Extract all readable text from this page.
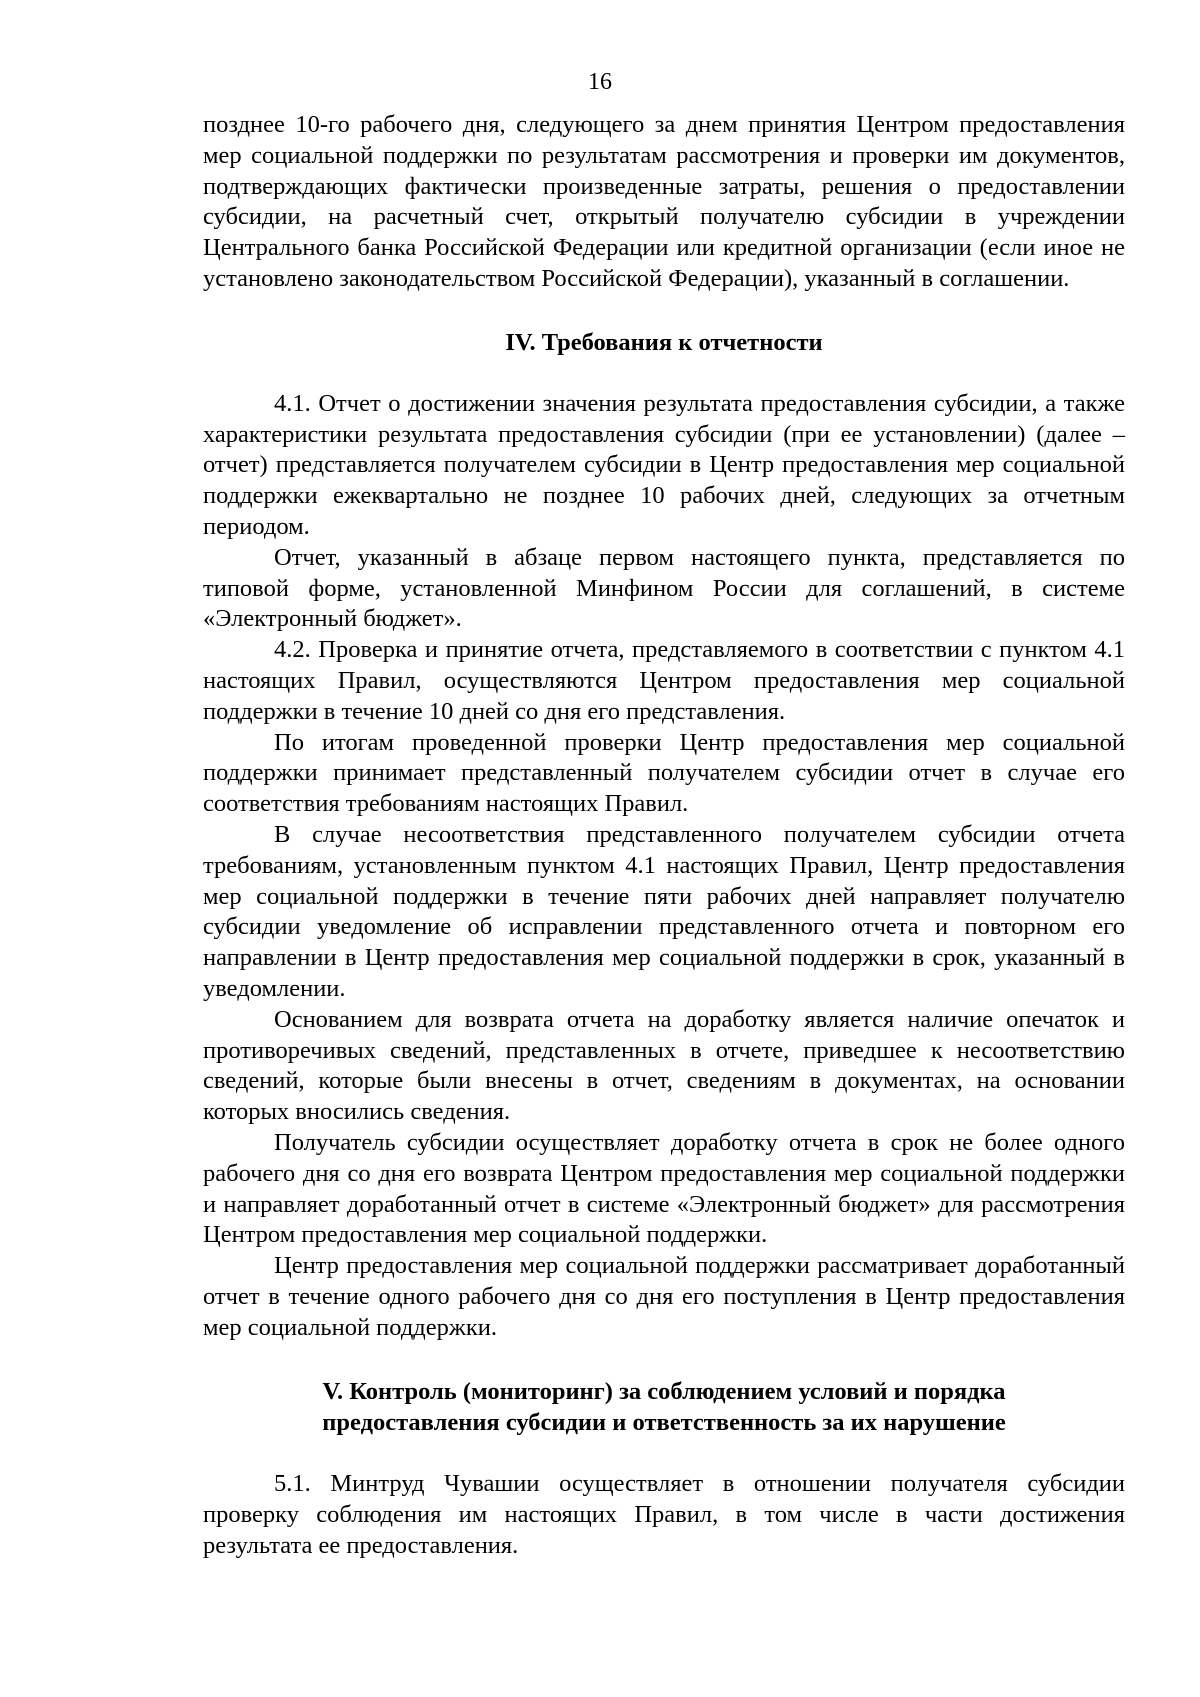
16

позднее 10-го рабочего дня, следующего за днем принятия Центром предоставления мер социальной поддержки по результатам рассмотрения и проверки им документов, подтверждающих фактически произведенные затраты, решения о предоставлении субсидии, на расчетный счет, открытый получателю субсидии в учреждении Центрального банка Российской Федерации или кредитной организации (если иное не установлено законодательством Российской Федерации), указанный в соглашении.

IV. Требования к отчетности

4.1. Отчет о достижении значения результата предоставления субсидии, а также характеристики результата предоставления субсидии (при ее установлении) (далее – отчет) представляется получателем субсидии в Центр предоставления мер социальной поддержки ежеквартально не позднее 10 рабочих дней, следующих за отчетным периодом.

Отчет, указанный в абзаце первом настоящего пункта, представляется по типовой форме, установленной Минфином России для соглашений, в системе «Электронный бюджет».

4.2. Проверка и принятие отчета, представляемого в соответствии с пунктом 4.1 настоящих Правил, осуществляются Центром предоставления мер социальной поддержки в течение 10 дней со дня его представления.

По итогам проведенной проверки Центр предоставления мер социальной поддержки принимает представленный получателем субсидии отчет в случае его соответствия требованиям настоящих Правил.

В случае несоответствия представленного получателем субсидии отчета требованиям, установленным пунктом 4.1 настоящих Правил, Центр предоставления мер социальной поддержки в течение пяти рабочих дней направляет получателю субсидии уведомление об исправлении представленного отчета и повторном его направлении в Центр предоставления мер социальной поддержки в срок, указанный в уведомлении.

Основанием для возврата отчета на доработку является наличие опечаток и противоречивых сведений, представленных в отчете, приведшее к несоответствию сведений, которые были внесены в отчет, сведениям в документах, на основании которых вносились сведения.

Получатель субсидии осуществляет доработку отчета в срок не более одного рабочего дня со дня его возврата Центром предоставления мер социальной поддержки и направляет доработанный отчет в системе «Электронный бюджет» для рассмотрения Центром предоставления мер социальной поддержки.

Центр предоставления мер социальной поддержки рассматривает доработанный отчет в течение одного рабочего дня со дня его поступления в Центр предоставления мер социальной поддержки.

V. Контроль (мониторинг) за соблюдением условий и порядка
предоставления субсидии и ответственность за их нарушение

5.1. Минтруд Чувашии осуществляет в отношении получателя субсидии проверку соблюдения им настоящих Правил, в том числе в части достижения результата ее предоставления.
